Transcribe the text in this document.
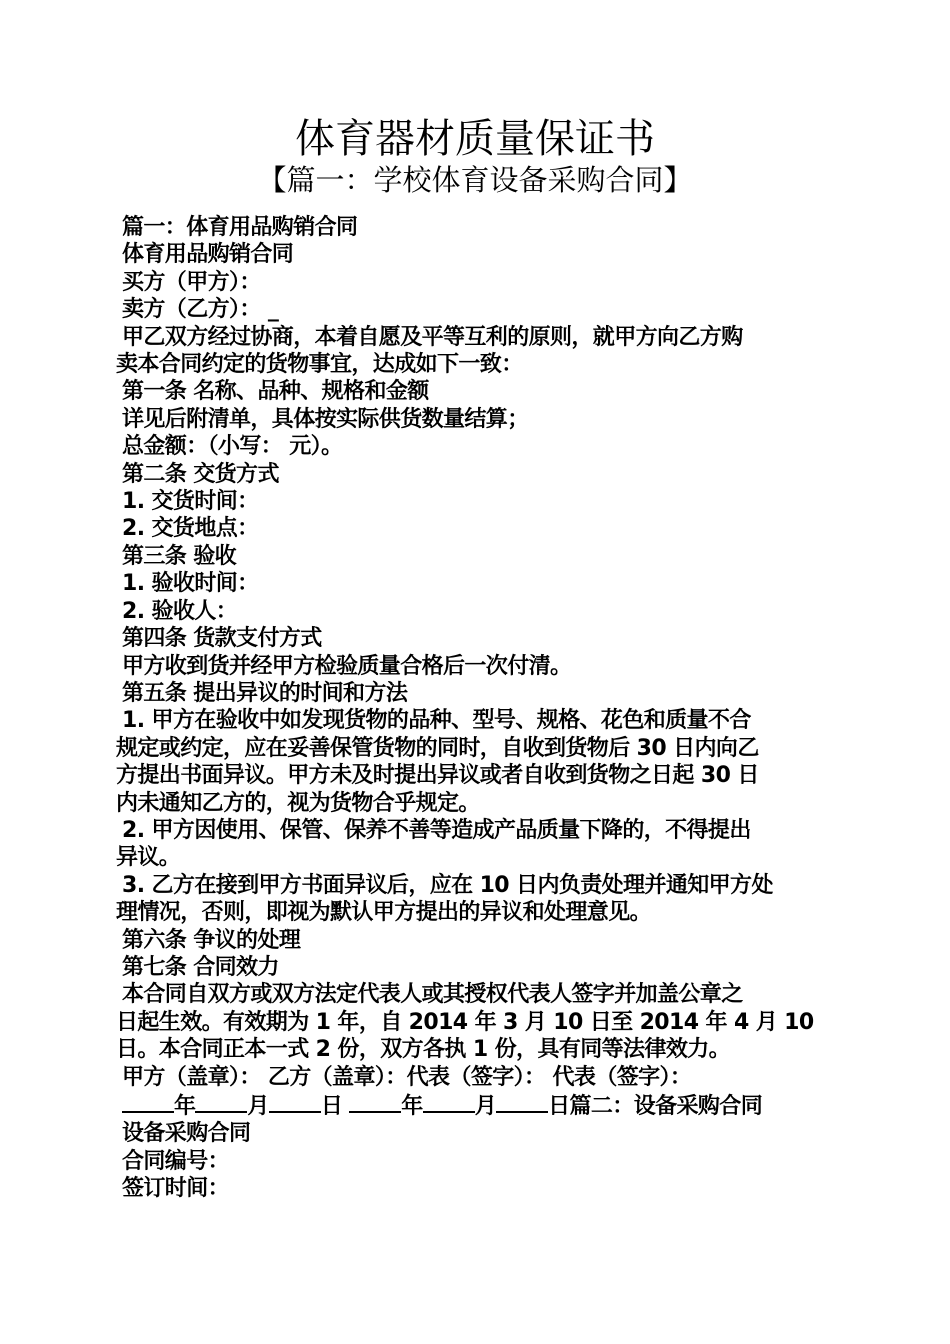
体育器材质量保证书
【篇一：学校体育设备采购合同】
篇一：体育用品购销合同
体育用品购销合同
买方（甲方）：
卖方（乙方）： _
甲乙双方经过协商，本着自愿及平等互利的原则，就甲方向乙方购
卖本合同约定的货物事宜，达成如下一致：
第一条 名称、品种、规格和金额
详见后附清单，具体按实际供货数量结算；
总金额：（小写： 元）。
第二条 交货方式
1. 交货时间：
2. 交货地点：
第三条 验收
1. 验收时间：
2. 验收人：
第四条 货款支付方式
甲方收到货并经甲方检验质量合格后一次付清。
第五条 提出异议的时间和方法
1. 甲方在验收中如发现货物的品种、型号、规格、花色和质量不合
规定或约定，应在妥善保管货物的同时，自收到货物后 30 日内向乙
方提出书面异议。甲方未及时提出异议或者自收到货物之日起 30 日
内未通知乙方的，视为货物合乎规定。
2. 甲方因使用、保管、保养不善等造成产品质量下降的，不得提出
异议。
3. 乙方在接到甲方书面异议后，应在 10 日内负责处理并通知甲方处
理情况，否则，即视为默认甲方提出的异议和处理意见。
第六条 争议的处理
第七条 合同效力
本合同自双方或双方法定代表人或其授权代表人签字并加盖公章之
日起生效。有效期为 1 年，自 2014 年 3 月 10 日至 2014 年 4 月 10
日。本合同正本一式 2 份，双方各执 1 份，具有同等法律效力。
甲方（盖章）： 乙方（盖章）：代表（签字）： 代表（签字）：
年 月 日	年 月 日篇二：设备采购合同
设备采购合同
合同编号：
签订时间：
